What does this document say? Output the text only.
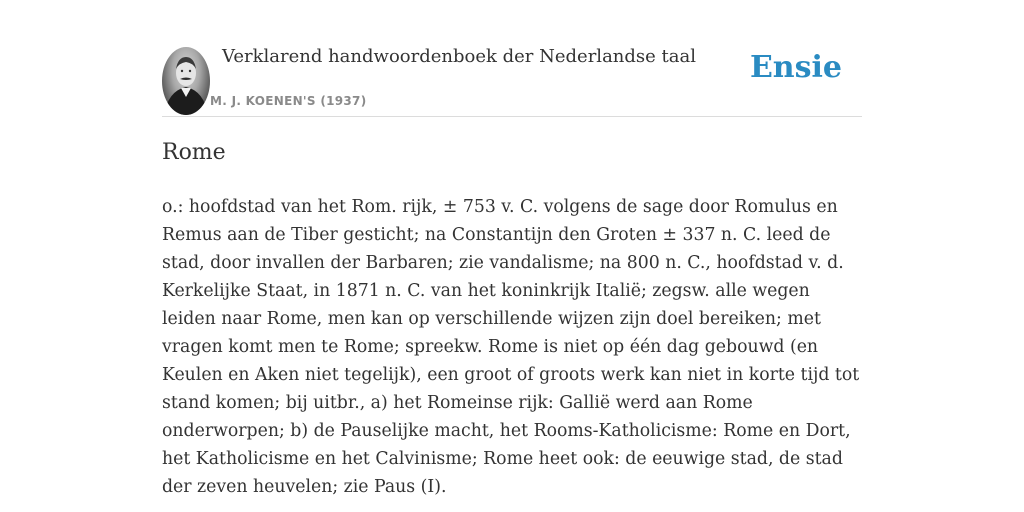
Verklarend handwoordenboek der Nederlandse taal
M. J. KOENEN'S (1937)
Ensie
Rome
o.: hoofdstad van het Rom. rijk, ± 753 v. C. volgens de sage door Romulus en Remus aan de Tiber gesticht; na Constantijn den Groten ± 337 n. C. leed de stad, door invallen der Barbaren; zie vandalisme; na 800 n. C., hoofdstad v. d. Kerkelijke Staat, in 1871 n. C. van het koninkrijk Italië; zegsw. alle wegen leiden naar Rome, men kan op verschillende wijzen zijn doel bereiken; met vragen komt men te Rome; spreekw. Rome is niet op één dag gebouwd (en Keulen en Aken niet tegelijk), een groot of groots werk kan niet in korte tijd tot stand komen; bij uitbr., a) het Romeinse rijk: Gallië werd aan Rome onderworpen; b) de Pauselijke macht, het Rooms-Katholicisme: Rome en Dort, het Katholicisme en het Calvinisme; Rome heet ook: de eeuwige stad, de stad der zeven heuvelen; zie Paus (I).
